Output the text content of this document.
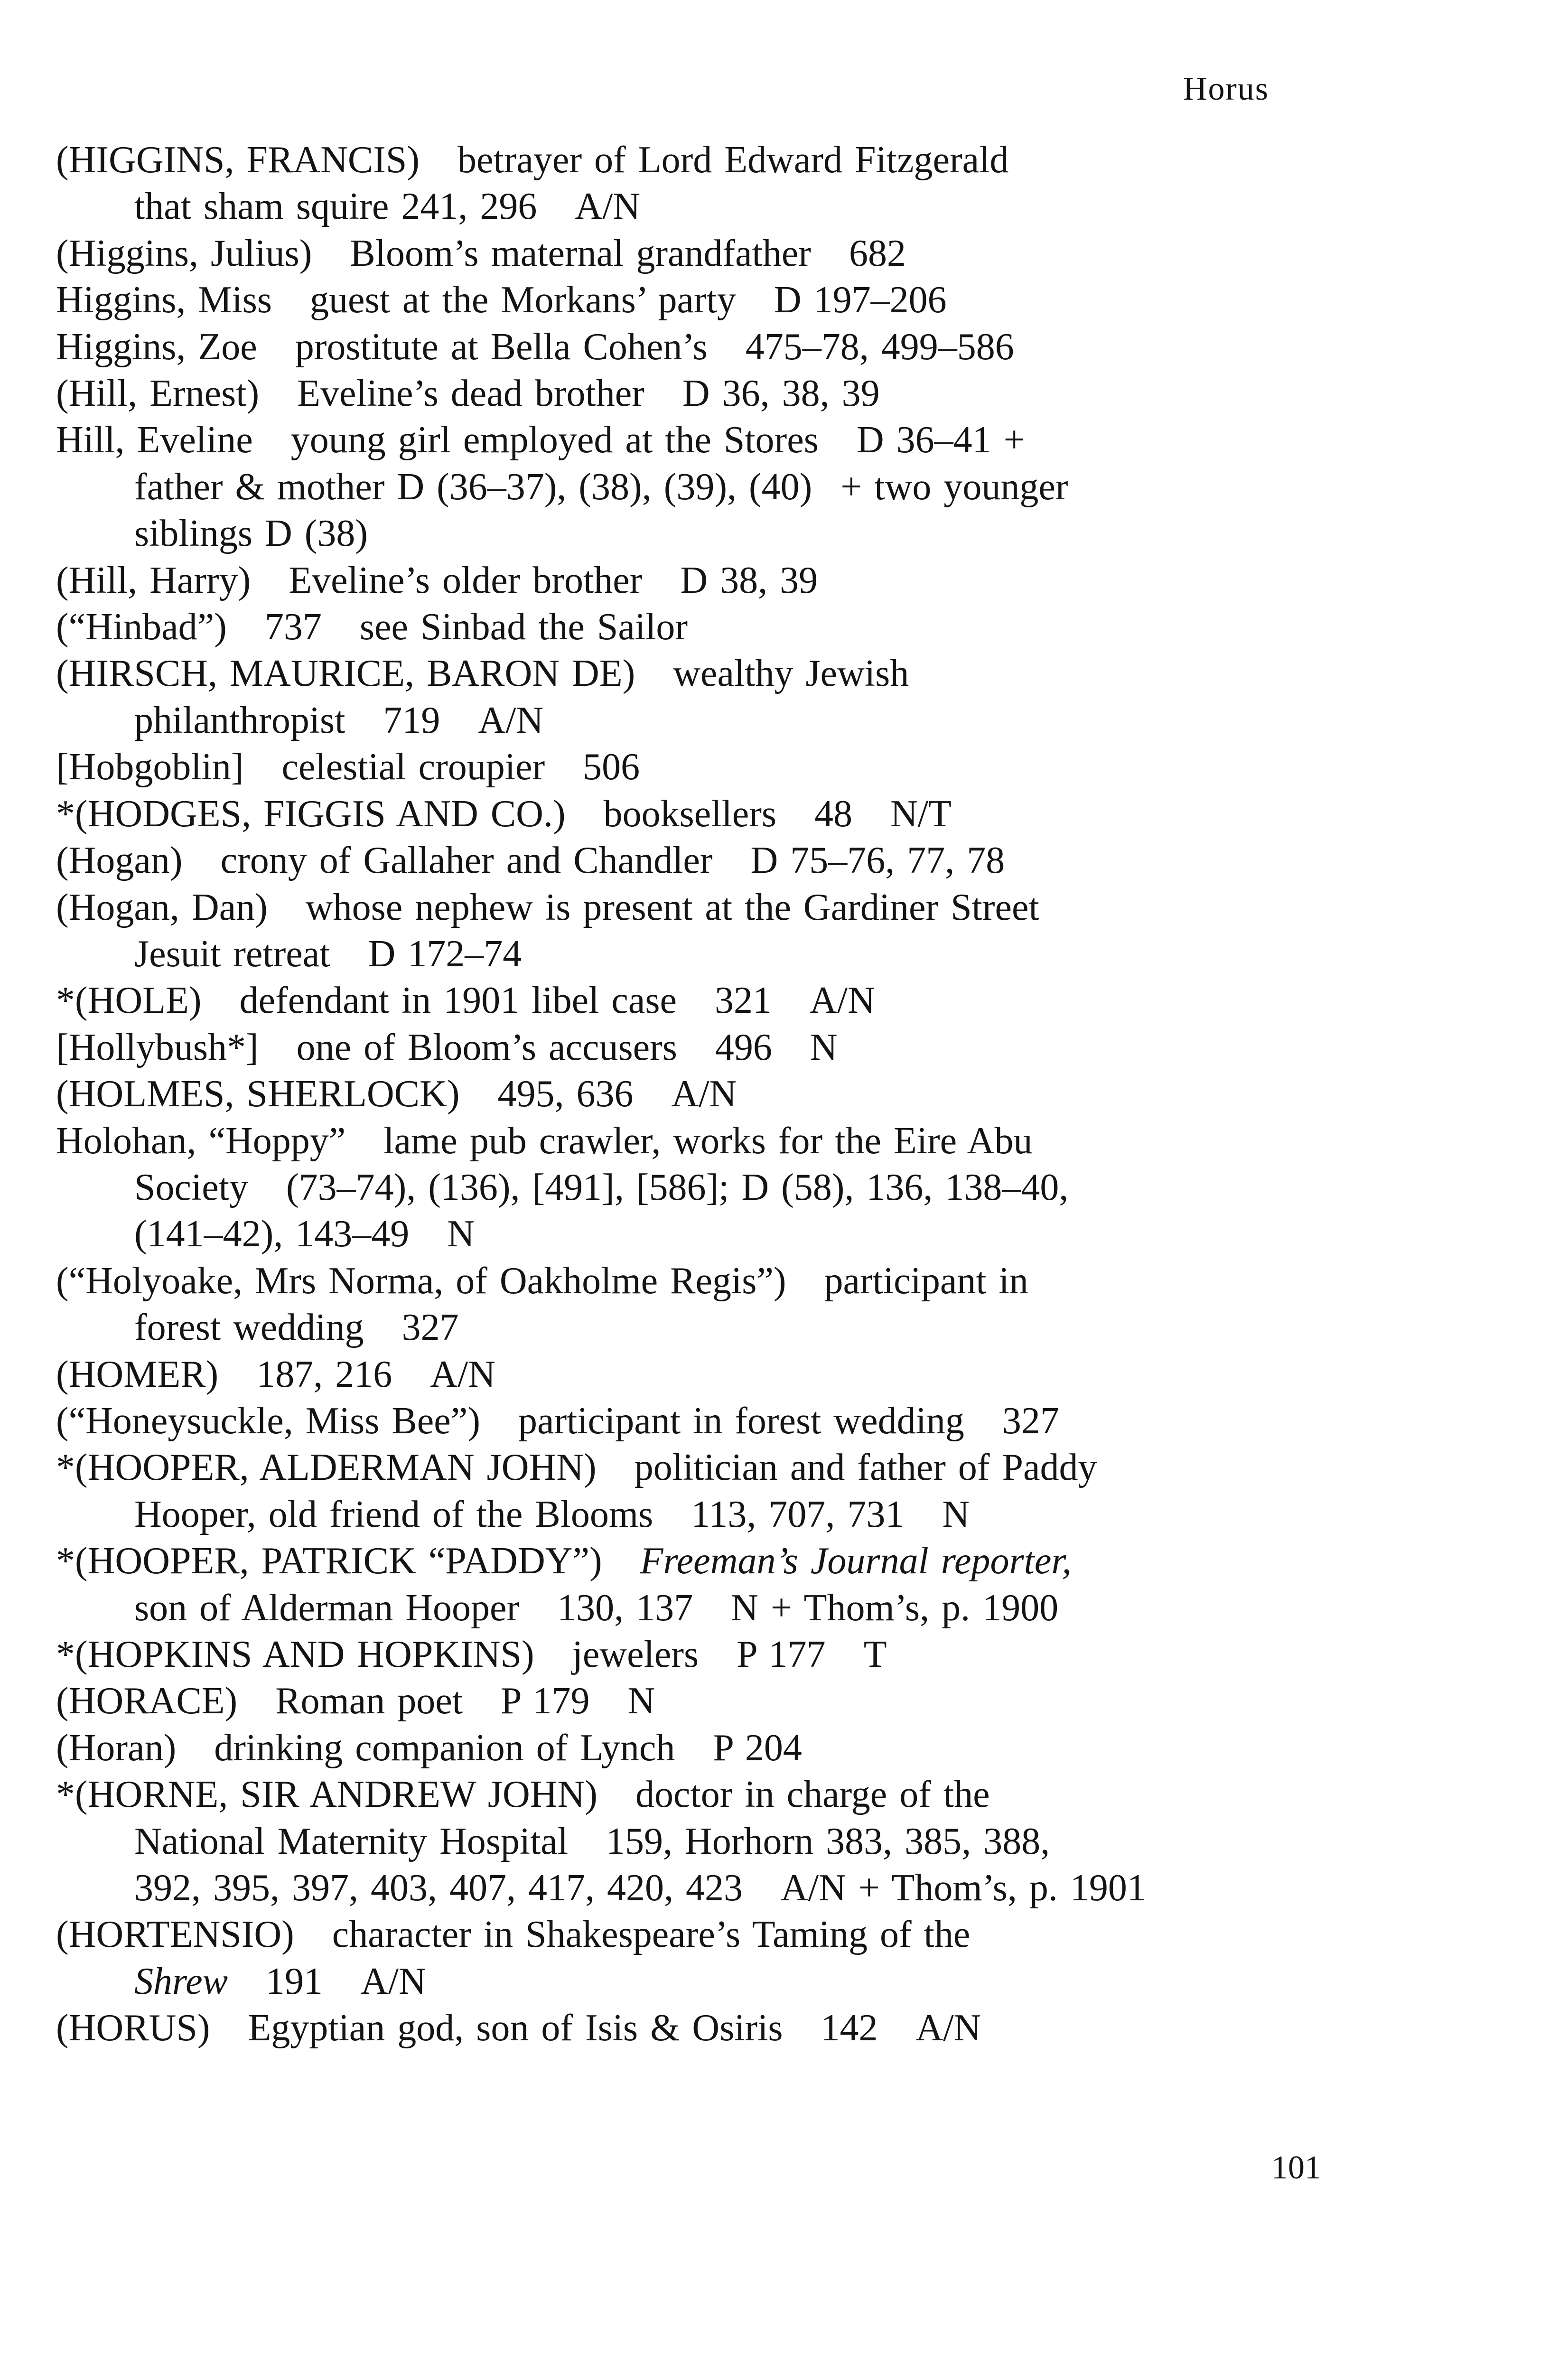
Horus
(HIGGINS, FRANCIS) betrayer of Lord Edward Fitzgerald
that sham squire 241, 296 A/N
(Higgins, Julius) Bloom’s maternal grandfather 682
Higgins, Miss guest at the Morkans’ party D 197–206
Higgins, Zoe prostitute at Bella Cohen’s 475–78, 499–586
(Hill, Ernest) Eveline’s dead brother D 36, 38, 39
Hill, Eveline young girl employed at the Stores D 36–41 +
father & mother D (36–37), (38), (39), (40) + two younger
siblings D (38)
(Hill, Harry) Eveline’s older brother D 38, 39
(“Hinbad”) 737 see Sinbad the Sailor
(HIRSCH, MAURICE, BARON DE) wealthy Jewish
philanthropist 719 A/N
[Hobgoblin] celestial croupier 506
*(HODGES, FIGGIS AND CO.) booksellers 48 N/T
(Hogan) crony of Gallaher and Chandler D 75–76, 77, 78
(Hogan, Dan) whose nephew is present at the Gardiner Street
Jesuit retreat D 172–74
*(HOLE) defendant in 1901 libel case 321 A/N
[Hollybush*] one of Bloom’s accusers 496 N
(HOLMES, SHERLOCK) 495, 636 A/N
Holohan, “Hoppy” lame pub crawler, works for the Eire Abu
Society (73–74), (136), [491], [586]; D (58), 136, 138–40,
(141–42), 143–49 N
(“Holyoake, Mrs Norma, of Oakholme Regis”) participant in
forest wedding 327
(HOMER) 187, 216 A/N
(“Honeysuckle, Miss Bee”) participant in forest wedding 327
*(HOOPER, ALDERMAN JOHN) politician and father of Paddy
Hooper, old friend of the Blooms 113, 707, 731 N
*(HOOPER, PATRICK “PADDY”) Freeman’s Journal reporter,
son of Alderman Hooper 130, 137 N + Thom’s, p. 1900
*(HOPKINS AND HOPKINS) jewelers P 177 T
(HORACE) Roman poet P 179 N
(Horan) drinking companion of Lynch P 204
*(HORNE, SIR ANDREW JOHN) doctor in charge of the
National Maternity Hospital 159, Horhorn 383, 385, 388,
392, 395, 397, 403, 407, 417, 420, 423 A/N + Thom’s, p. 1901
(HORTENSIO) character in Shakespeare’s Taming of the
Shrew 191 A/N
(HORUS) Egyptian god, son of Isis & Osiris 142 A/N
101
